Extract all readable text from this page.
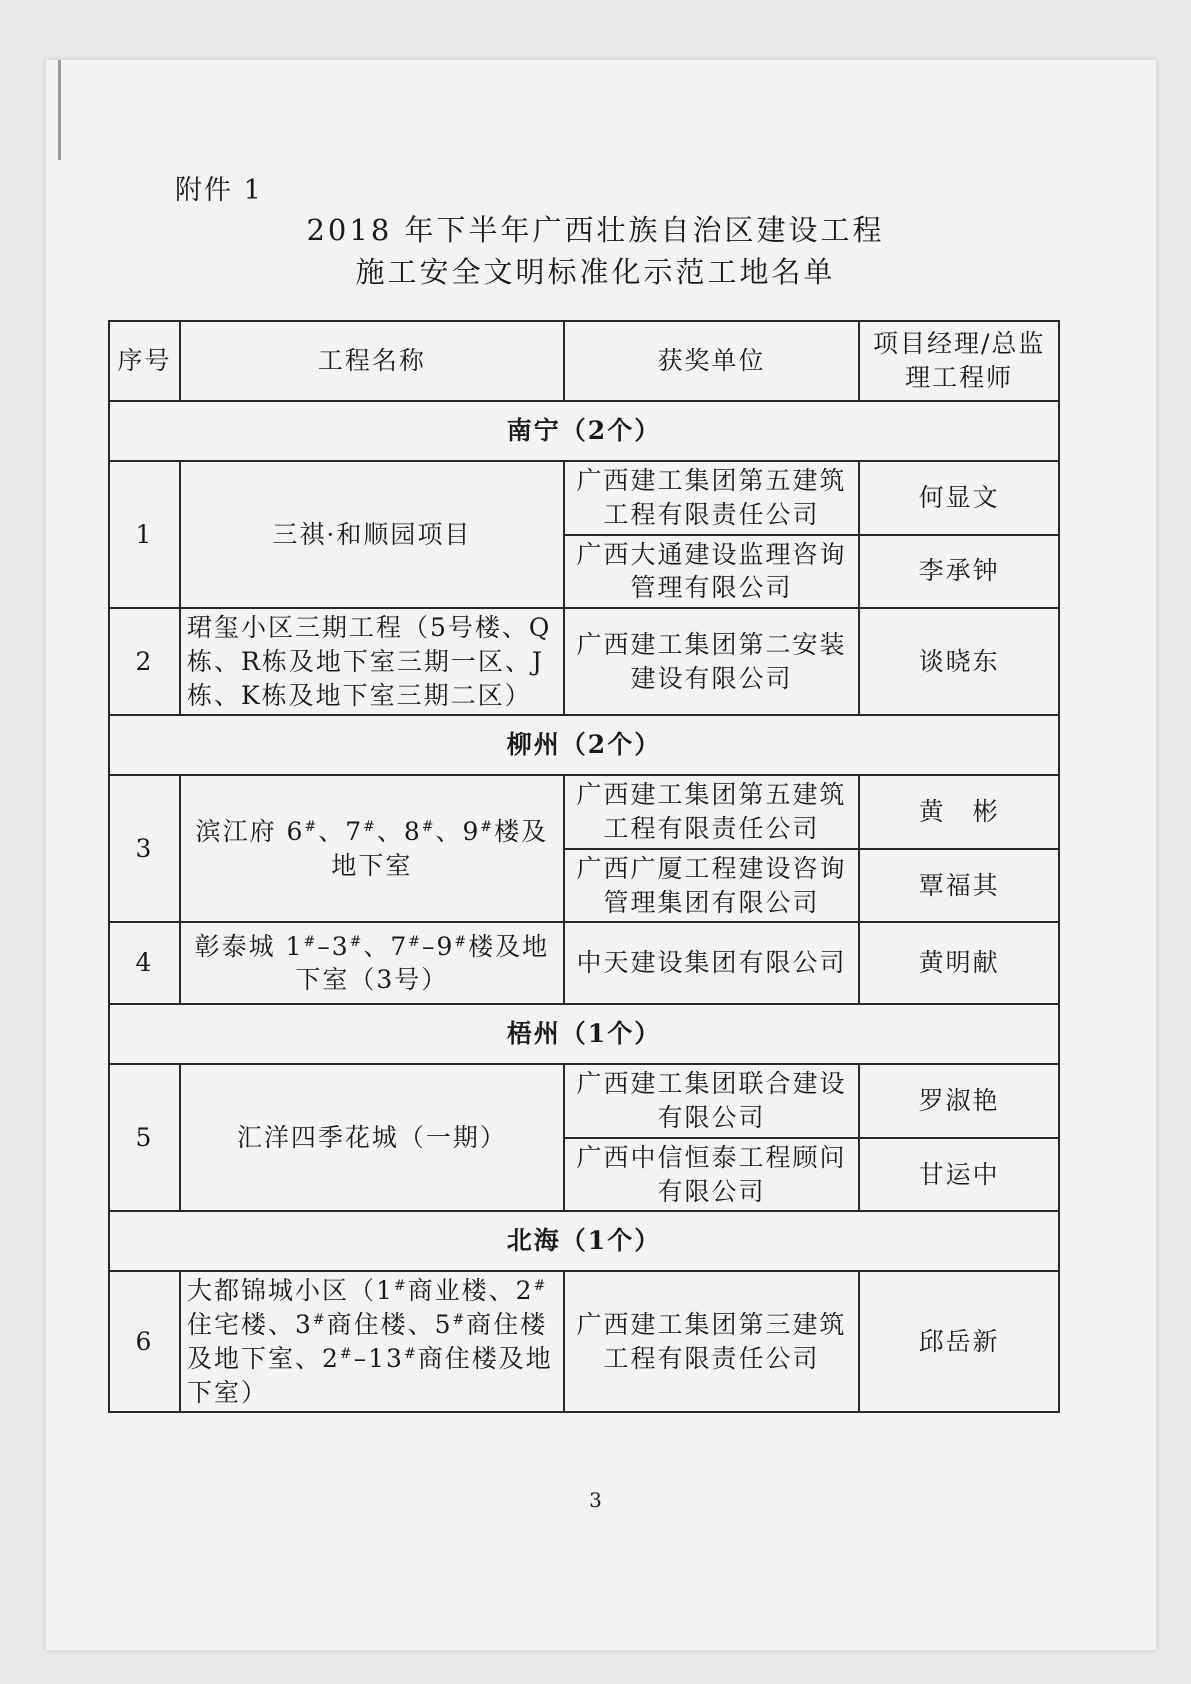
附件 1
2018 年下半年广西壮族自治区建设工程
施工安全文明标准化示范工地名单
序号	工程名称	获奖单位	项目经理/总监理工程师
南宁（2个）			
1	三祺·和顺园项目	广西建工集团第五建筑工程有限责任公司	何显文
		广西大通建设监理咨询管理有限公司	李承钟
2	珺玺小区三期工程（5号楼、Q栋、R栋及地下室三期一区、J栋、K栋及地下室三期二区）	广西建工集团第二安装建设有限公司	谈晓东
柳州（2个）			
3	滨江府 6#、7#、8#、9#楼及地下室	广西建工集团第五建筑工程有限责任公司	黄　彬
		广西广厦工程建设咨询管理集团有限公司	覃福其
4	彰泰城 1#–3#、7#–9#楼及地下室（3号）	中天建设集团有限公司	黄明献
梧州（1个）			
5	汇洋四季花城（一期）	广西建工集团联合建设有限公司	罗淑艳
		广西中信恒泰工程顾问有限公司	甘运中
北海（1个）			
6	大都锦城小区（1#商业楼、2#住宅楼、3#商住楼、5#商住楼及地下室、2#–13#商住楼及地下室）	广西建工集团第三建筑工程有限责任公司	邱岳新
3
